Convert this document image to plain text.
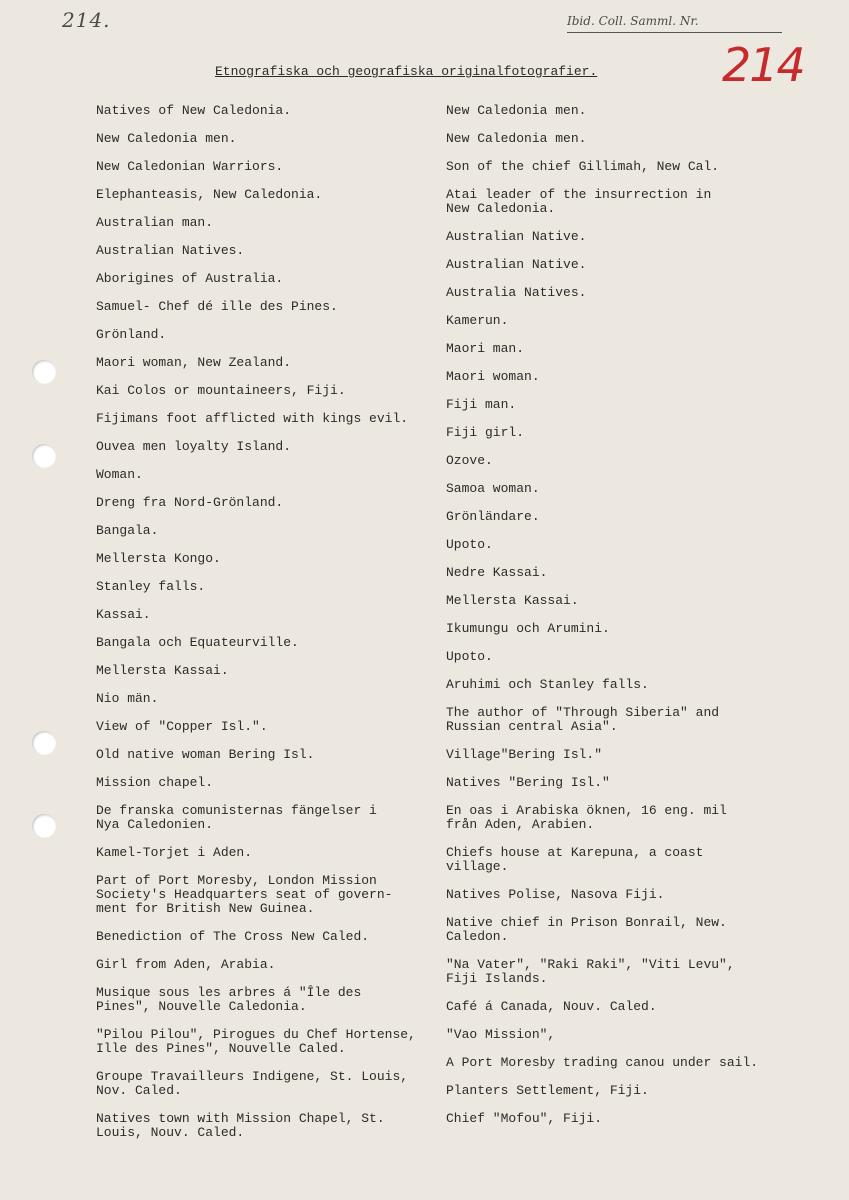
214.	Ibid. Coll. Samml. Nr.
214
Etnografiska och geografiska originalfotografier.
Natives of New Caledonia.
New Caledonia men.
New Caledonian Warriors.
Elephanteasis, New Caledonia.
Australian man.
Australian Natives.
Aborigines of Australia.
Samuel- Chef dé ille des Pines.
Grönland.
Maori woman, New Zealand.
Kai Colos or mountaineers, Fiji.
Fijimans foot afflicted with kings evil.
Ouvea men loyalty Island.
Woman.
Dreng fra Nord-Grönland.
Bangala.
Mellersta Kongo.
Stanley falls.
Kassai.
Bangala och Equateurville.
Mellersta Kassai.
Nio män.
View of "Copper Isl.".
Old native woman Bering Isl.
Mission chapel.
De franska comunisternas fängelser i
Nya Caledonien.
Kamel-Torjet i Aden.
Part of Port Moresby, London Mission
Society's Headquarters seat of govern-
ment for British New Guinea.
Benediction of The Cross New Caled.
Girl from Aden, Arabia.
Musique sous les arbres á "Île des
Pines", Nouvelle Caledonia.
"Pilou Pilou", Pirogues du Chef Hortense,
Ille des Pines", Nouvelle Caled.
Groupe Travailleurs Indigene, St. Louis,
Nov. Caled.
Natives town with Mission Chapel, St.
Louis, Nouv. Caled.
New Caledonia men.
New Caledonia men.
Son of the chief Gillimah, New Cal.
Atai leader of the insurrection in
New Caledonia.
Australian Native.
Australian Native.
Australia Natives.
Kamerun.
Maori man.
Maori woman.
Fiji man.
Fiji girl.
Ozove.
Samoa woman.
Grönländare.
Upoto.
Nedre Kassai.
Mellersta Kassai.
Ikumungu och Arumini.
Upoto.
Aruhimi och Stanley falls.
The author of "Through Siberia" and
Russian central Asia".
Village"Bering Isl."
Natives "Bering Isl."
En oas i Arabiska öknen, 16 eng. mil
från Aden, Arabien.
Chiefs house at Karepuna, a coast
village.
Natives Polise, Nasova Fiji.
Native chief in Prison Bonrail, New.
Caledon.
"Na Vater", "Raki Raki", "Viti Levu",
Fiji Islands.
Café á Canada, Nouv. Caled.
"Vao Mission",
A Port Moresby trading canou under sail.
Planters Settlement, Fiji.
Chief "Mofou", Fiji.
